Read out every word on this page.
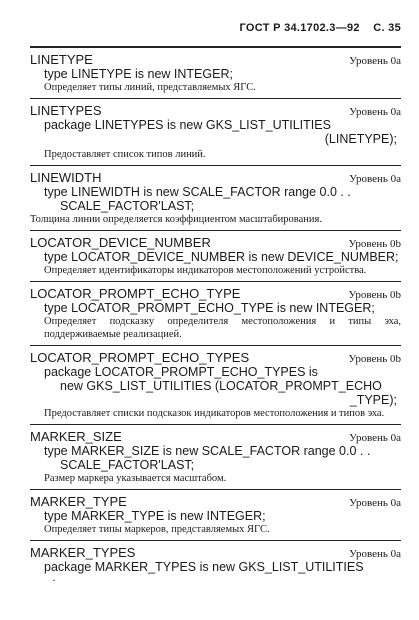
ГОСТ Р 34.1702.3—92 С. 35
LINETYPE	Уровень 0a
type LINETYPE is new INTEGER;
Определяет типы линий, представляемых ЯГС.
LINETYPES	Уровень 0a
package LINETYPES is new GKS_LIST_UTILITIES
(LINETYPE);
Предоставляет список типов линий.
LINEWIDTH	Уровень 0a
type LINEWIDTH is new SCALE_FACTOR range 0.0 . .
SCALE_FACTOR'LAST;
Толщина линии определяется коэффициентом масштабирования.
LOCATOR_DEVICE_NUMBER	Уровень 0b
type LOCATOR_DEVICE_NUMBER is new DEVICE_NUMBER;
Определяет идентификаторы индикаторов местоположений устройства.
LOCATOR_PROMPT_ECHO_TYPE	Уровень 0b
type LOCATOR_PROMPT_ECHO_TYPE is new INTEGER;
Определяет подсказку определителя местоположения и типы эха, поддерживаемые реализацией.
LOCATOR_PROMPT_ECHO_TYPES	Уровень 0b
package LOCATOR_PROMPT_ECHO_TYPES is
new GKS_LIST_UTILITIES (LOCATOR_PROMPT_ECHO
_TYPE);
Предоставляет списки подсказок индикаторов местоположения и типов эха.
MARKER_SIZE	Уровень 0a
type MARKER_SIZE is new SCALE_FACTOR range 0.0 . .
SCALE_FACTOR'LAST;
Размер маркера указывается масштабом.
MARKER_TYPE	Уровень 0a
type MARKER_TYPE is new INTEGER;
Определяет типы маркеров, представляемых ЯГС.
MARKER_TYPES	Уровень 0a
package MARKER_TYPES is new GKS_LIST_UTILITIES
·
